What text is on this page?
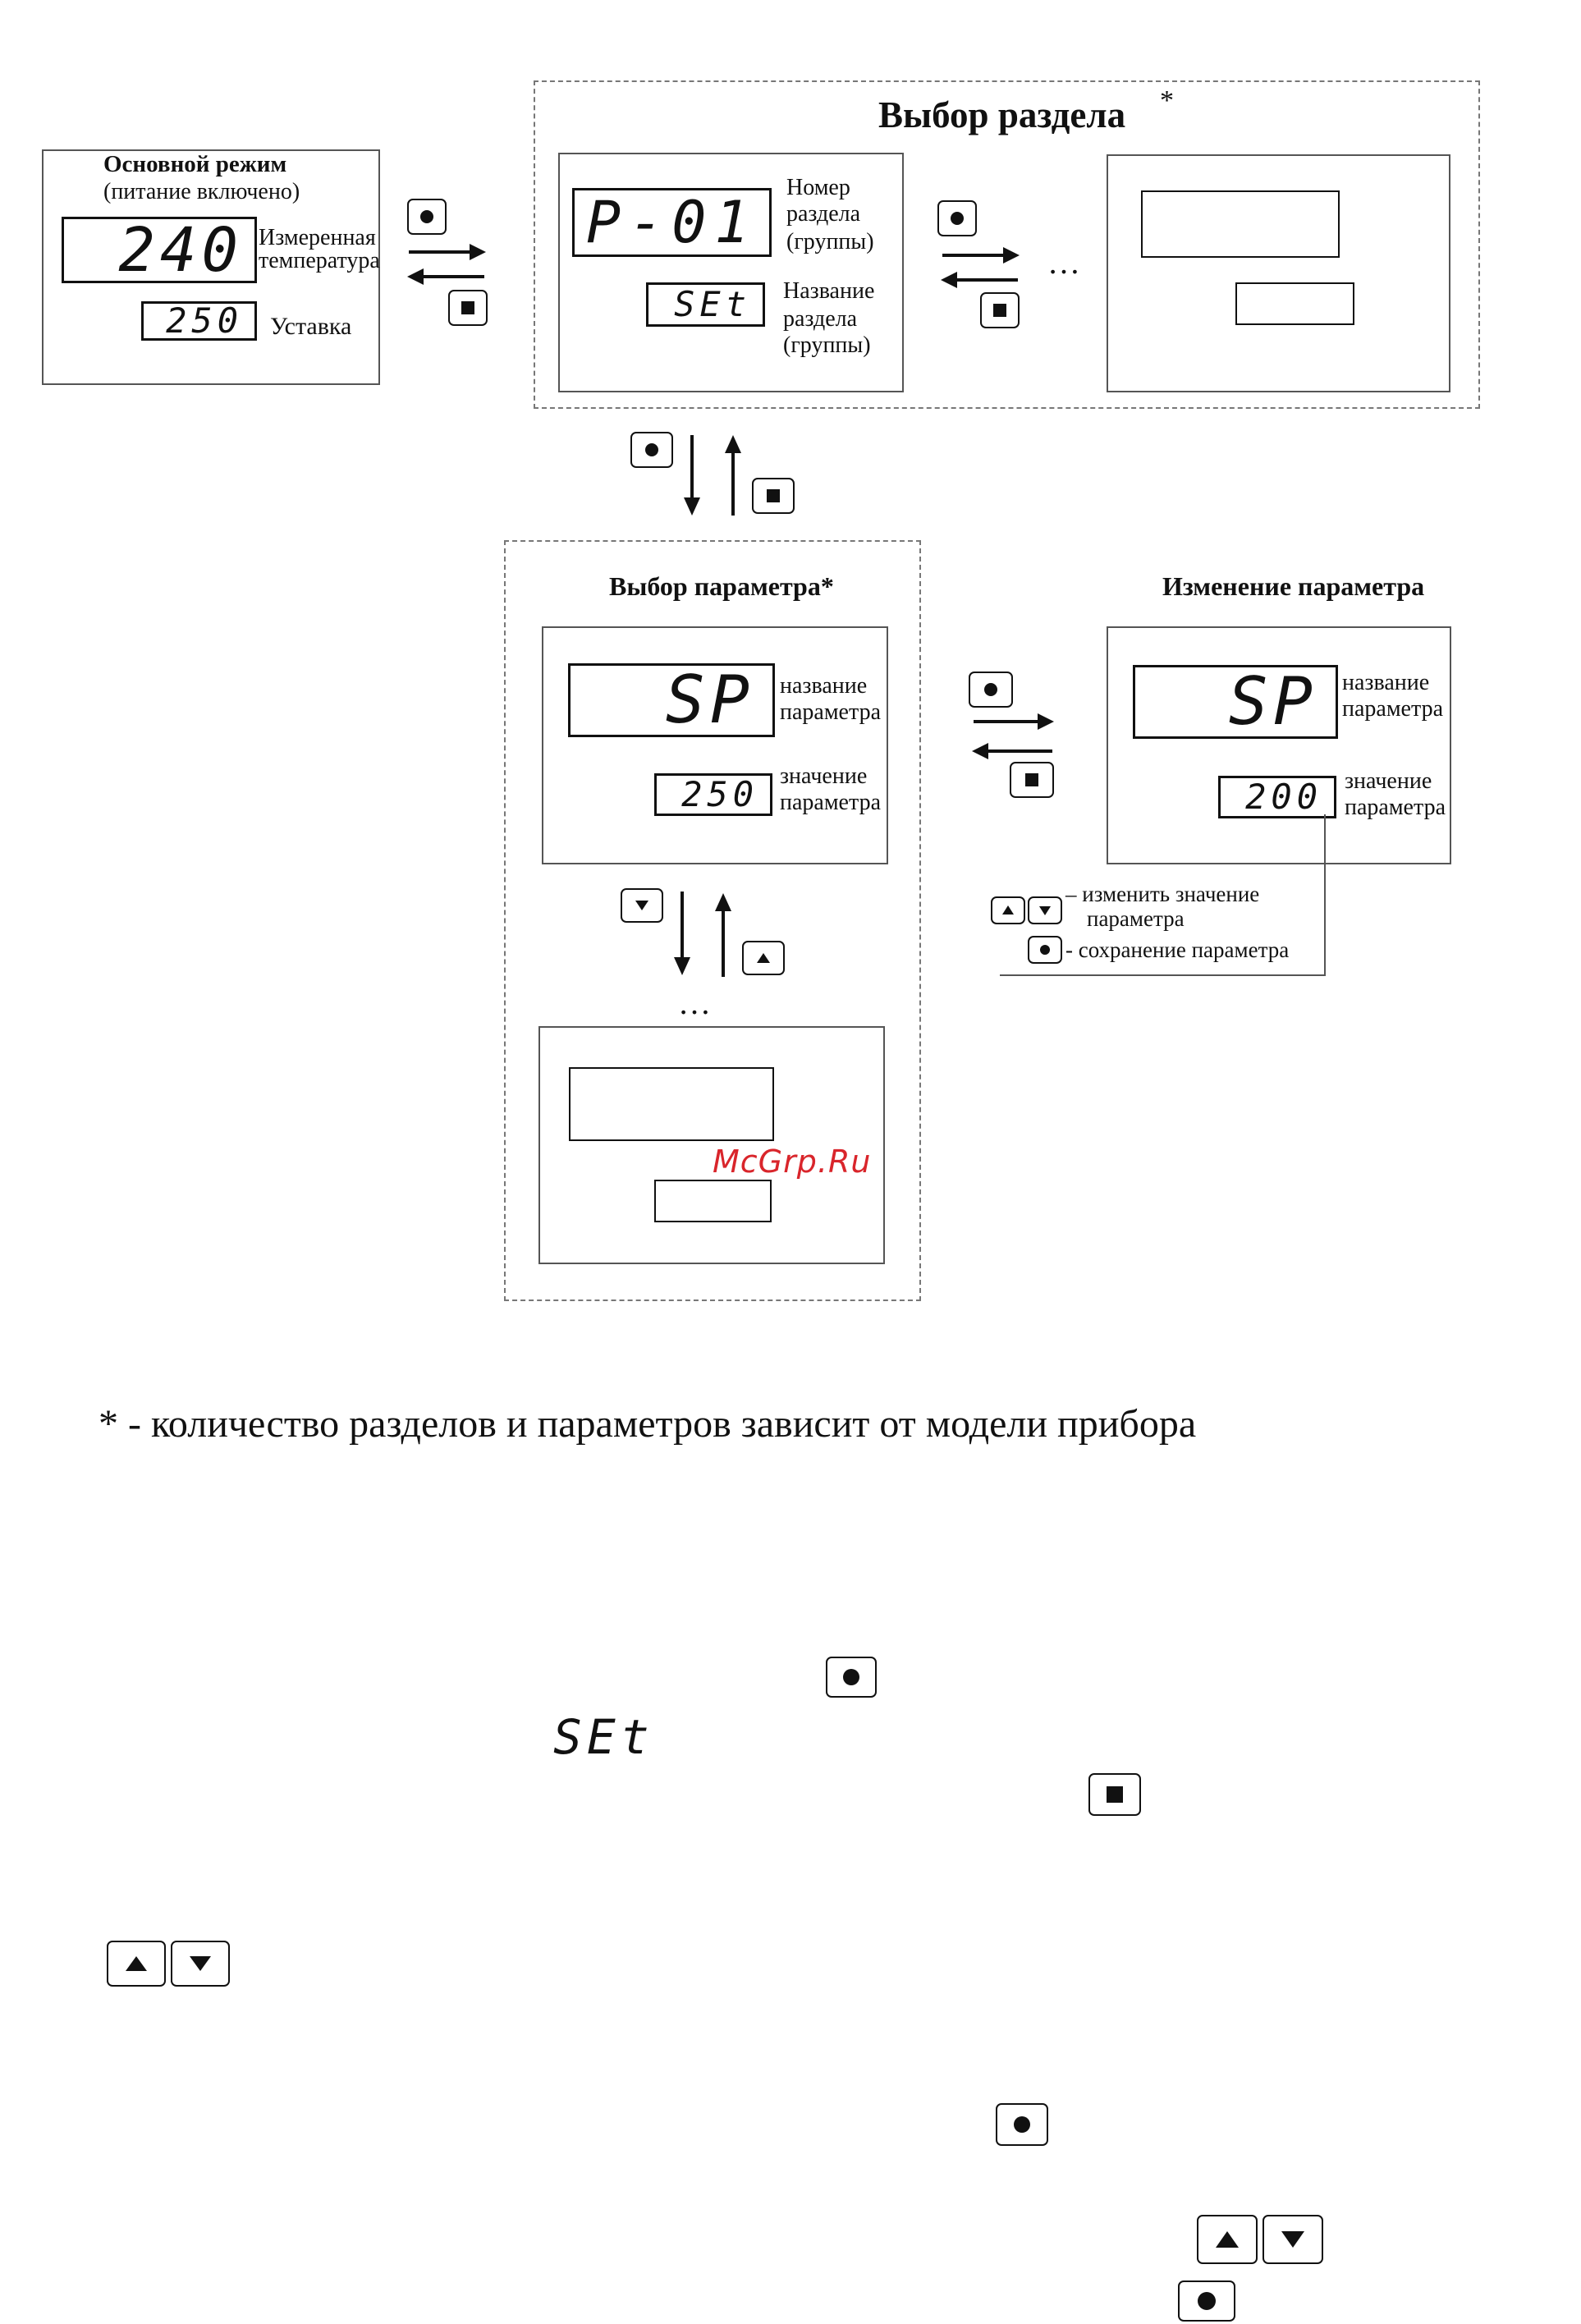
Основной режим
(питание включено)
240 Измеренная
температура
250	Уставка
Выбор раздела *
P-01
Номер
раздела
(группы)
SEt	Название
раздела
(группы)
…
Выбор параметра*
SP	название
параметра
250 значение
параметра
…
McGrp.Ru
Изменение параметра
SP	название
параметра
200 значение
параметра
– изменить значение
параметра
- сохранение параметра
* - количество разделов и параметров зависит от модели прибора
SEt
